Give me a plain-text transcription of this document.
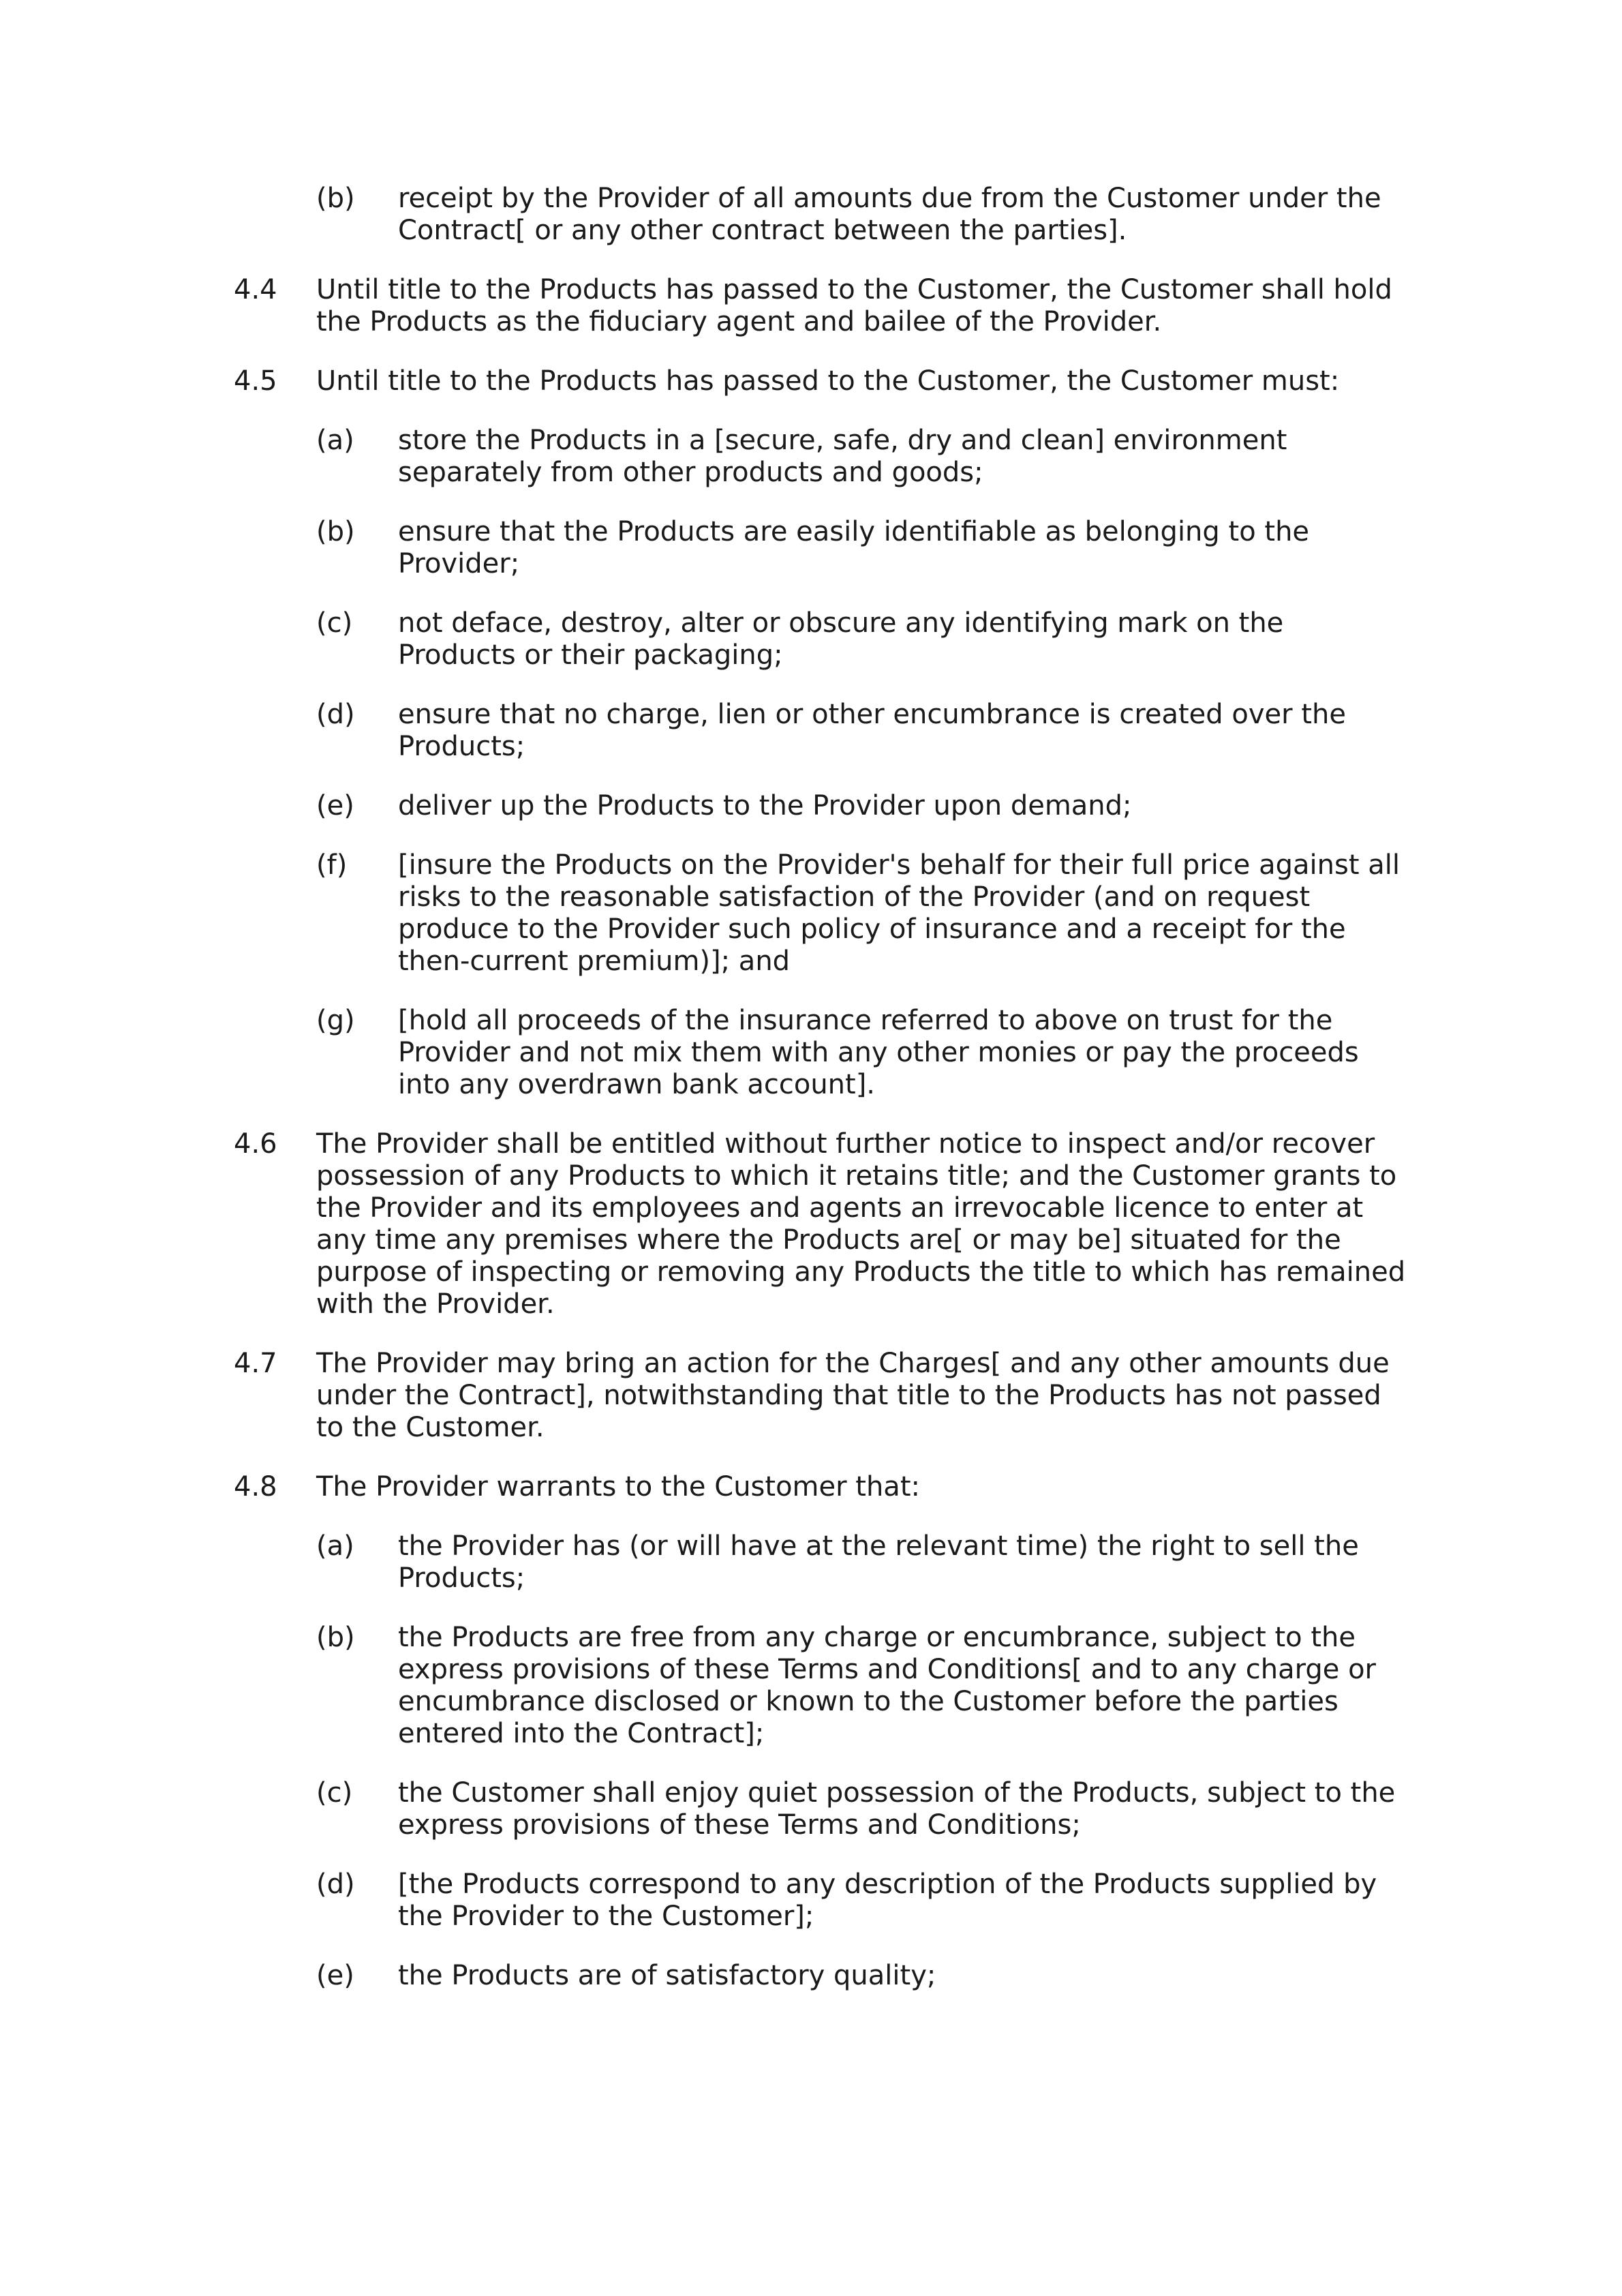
(b) receipt by the Provider of all amounts due from the Customer under the Contract[ or any other contract between the parties].
4.4 Until title to the Products has passed to the Customer, the Customer shall hold the Products as the fiduciary agent and bailee of the Provider.
4.5 Until title to the Products has passed to the Customer, the Customer must:
(a) store the Products in a [secure, safe, dry and clean] environment separately from other products and goods;
(b) ensure that the Products are easily identifiable as belonging to the Provider;
(c) not deface, destroy, alter or obscure any identifying mark on the Products or their packaging;
(d) ensure that no charge, lien or other encumbrance is created over the Products;
(e) deliver up the Products to the Provider upon demand;
(f) [insure the Products on the Provider's behalf for their full price against all risks to the reasonable satisfaction of the Provider (and on request produce to the Provider such policy of insurance and a receipt for the then-current premium)]; and
(g) [hold all proceeds of the insurance referred to above on trust for the Provider and not mix them with any other monies or pay the proceeds into any overdrawn bank account].
4.6 The Provider shall be entitled without further notice to inspect and/or recover possession of any Products to which it retains title; and the Customer grants to the Provider and its employees and agents an irrevocable licence to enter at any time any premises where the Products are[ or may be] situated for the purpose of inspecting or removing any Products the title to which has remained with the Provider.
4.7 The Provider may bring an action for the Charges[ and any other amounts due under the Contract], notwithstanding that title to the Products has not passed to the Customer.
4.8 The Provider warrants to the Customer that:
(a) the Provider has (or will have at the relevant time) the right to sell the Products;
(b) the Products are free from any charge or encumbrance, subject to the express provisions of these Terms and Conditions[ and to any charge or encumbrance disclosed or known to the Customer before the parties entered into the Contract];
(c) the Customer shall enjoy quiet possession of the Products, subject to the express provisions of these Terms and Conditions;
(d) [the Products correspond to any description of the Products supplied by the Provider to the Customer];
(e) the Products are of satisfactory quality;
